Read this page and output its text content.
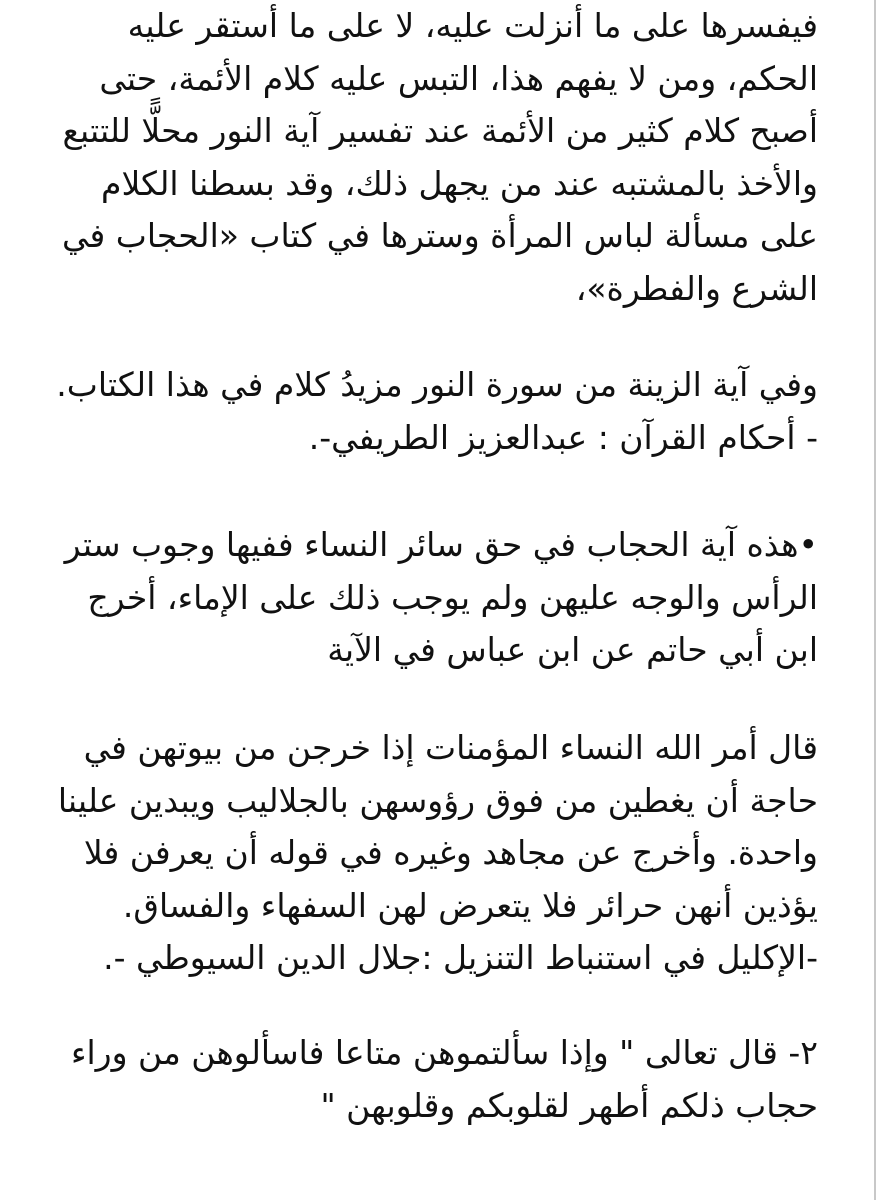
فيفسرها على ما أنزلت عليه، لا على ما أستقر عليه
الحكم، ومن لا يفهم هذا، التبس عليه كلام الأئمة، حتى
أصبح كلام كثير من الأئمة عند تفسير آية النور محلًّا للتتبع
والأخذ بالمشتبه عند من يجهل ذلك، وقد بسطنا الكلام
على مسألة لباس المرأة وسترها في كتاب «الحجاب في
الشرع والفطرة»،
وفي آية الزينة من سورة النور مزيدُ كلام في هذا الكتاب.
- أحكام القرآن : عبدالعزيز الطريفي-.
•هذه آية الحجاب في حق سائر النساء ففيها وجوب ستر
الرأس والوجه عليهن ولم يوجب ذلك على الإماء، أخرج
ابن أبي حاتم عن ابن عباس في الآية
قال أمر الله النساء المؤمنات إذا خرجن من بيوتهن في
حاجة أن يغطين من فوق رؤوسهن بالجلاليب ويبدين علينا
واحدة. وأخرج عن مجاهد وغيره في قوله أن يعرفن فلا
يؤذين أنهن حرائر فلا يتعرض لهن السفهاء والفساق.
-الإكليل في استنباط التنزيل :جلال الدين السيوطي -.
٢- قال تعالى " وإذا سألتموهن متاعا فاسألوهن من وراء
حجاب ذلكم أطهر لقلوبكم وقلوبهن "
